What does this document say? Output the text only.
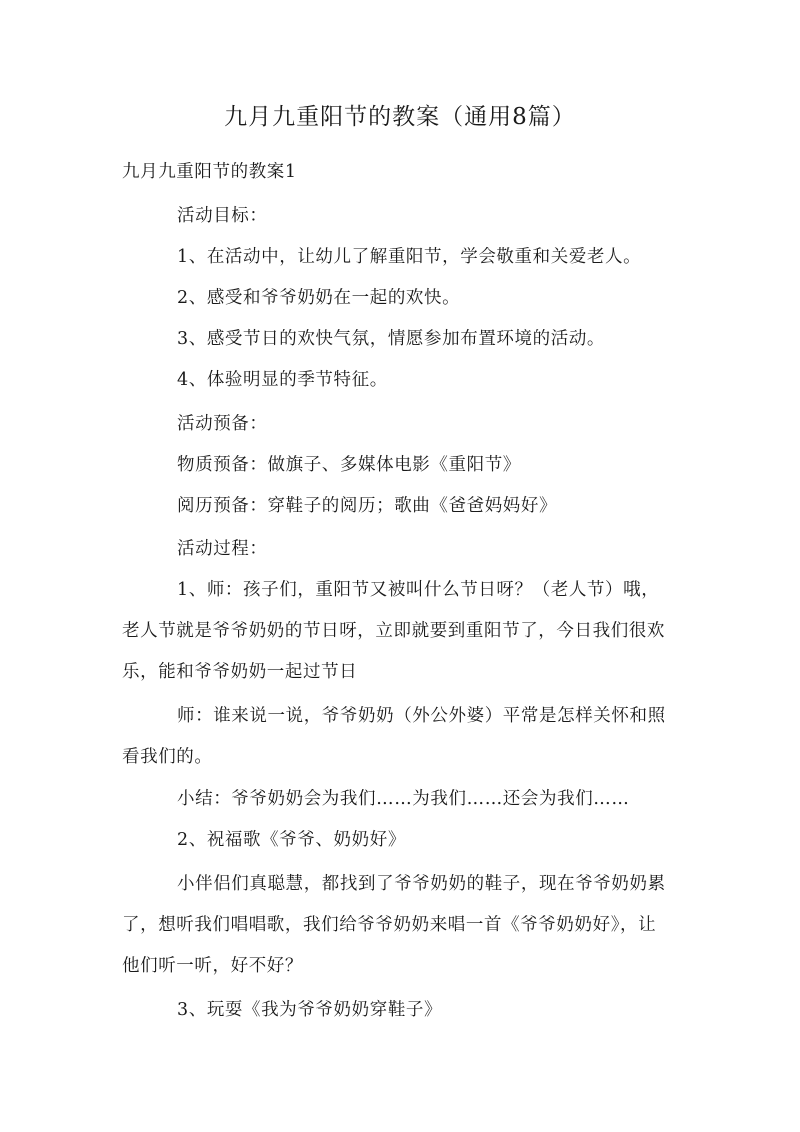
九月九重阳节的教案（通用8篇）

九月九重阳节的教案1

活动目标：

1、在活动中，让幼儿了解重阳节，学会敬重和关爱老人。

2、感受和爷爷奶奶在一起的欢快。

3、感受节日的欢快气氛，情愿参加布置环境的活动。

4、体验明显的季节特征。

活动预备：

物质预备：做旗子、多媒体电影《重阳节》

阅历预备：穿鞋子的阅历；歌曲《爸爸妈妈好》

活动过程：

1、师：孩子们，重阳节又被叫什么节日呀？（老人节）哦，

老人节就是爷爷奶奶的节日呀，立即就要到重阳节了，今日我们很欢

乐，能和爷爷奶奶一起过节日

师：谁来说一说，爷爷奶奶（外公外婆）平常是怎样关怀和照

看我们的。

小结：爷爷奶奶会为我们……为我们……还会为我们……

2、祝福歌《爷爷、奶奶好》

小伴侣们真聪慧，都找到了爷爷奶奶的鞋子，现在爷爷奶奶累

了，想听我们唱唱歌，我们给爷爷奶奶来唱一首《爷爷奶奶好》，让

他们听一听，好不好？

3、玩耍《我为爷爷奶奶穿鞋子》
